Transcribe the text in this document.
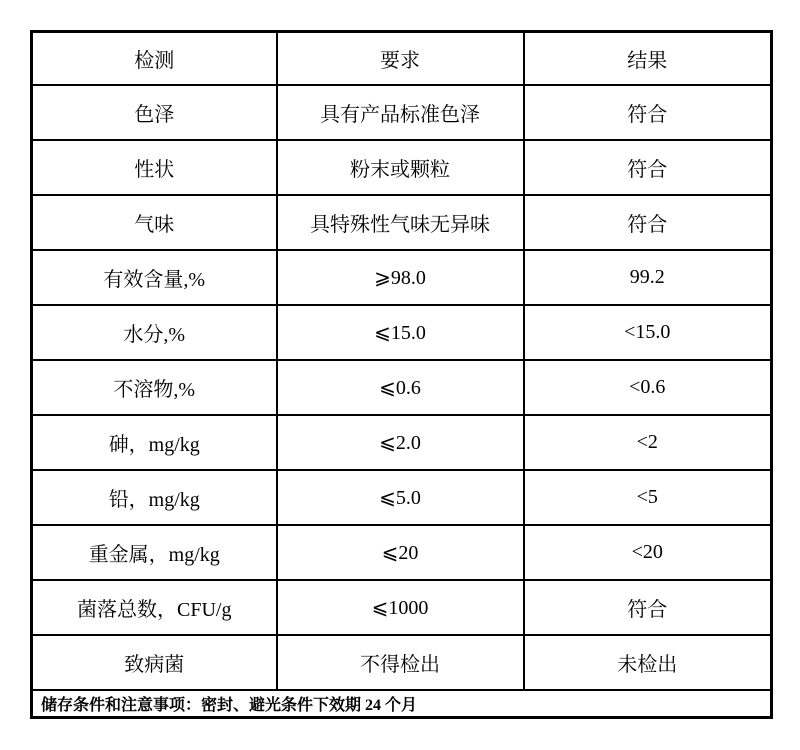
检测	要求	结果
色泽	具有产品标准色泽	符合
性状	粉末或颗粒	符合
气味	具特殊性气味无异味	符合
有效含量,%	⩾98.0	99.2
水分,%	⩽15.0	<15.0
不溶物,%	⩽0.6	<0.6
砷，mg/kg	⩽2.0	<2
铅，mg/kg	⩽5.0	<5
重金属，mg/kg	⩽20	<20
菌落总数，CFU/g	⩽1000	符合
致病菌	不得检出	未检出
储存条件和注意事项：密封、避光条件下效期 24 个月		
